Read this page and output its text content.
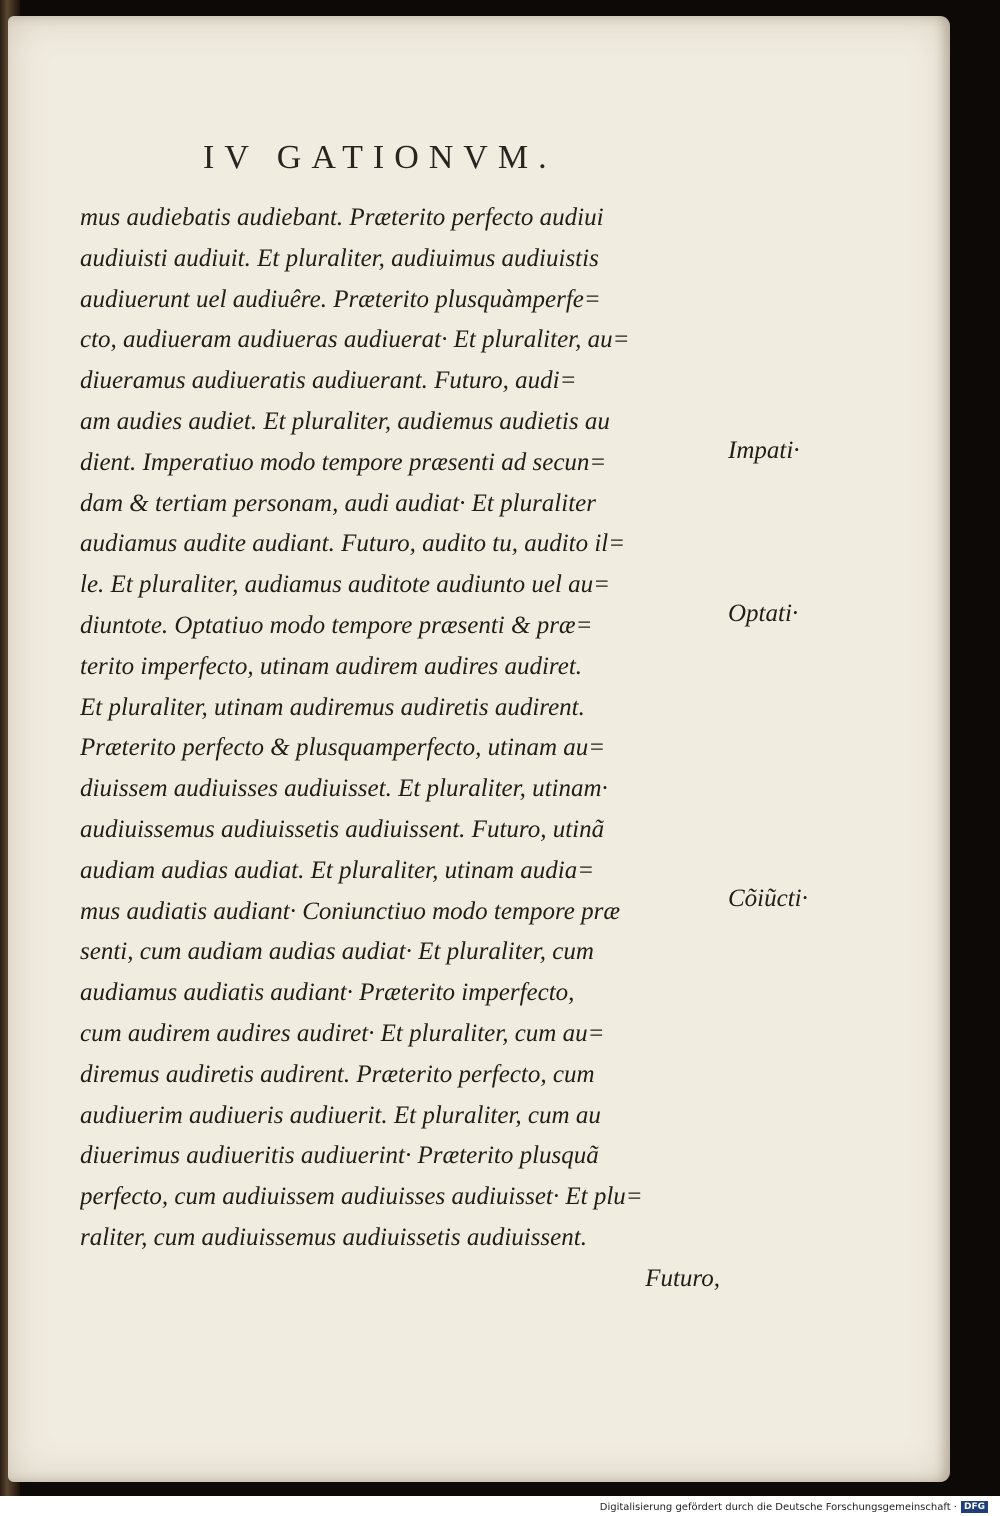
IV GATIONVM.
mus audiebatis audiebant. Præterito perfecto audiui
audiuisti audiuit. Et pluraliter, audiuimus audiuistis
audiuerunt uel audiuêre. Præterito plusquàmperfe=
cto, audiueram audiueras audiuerat· Et pluraliter, au=
diueramus audiueratis audiuerant. Futuro, audi=
am audies audiet. Et pluraliter, audiemus audietis au
dient. Imperatiuo modo tempore præsenti ad secun=
dam & tertiam personam, audi audiat· Et pluraliter
audiamus audite audiant. Futuro, audito tu, audito il=
le. Et pluraliter, audiamus auditote audiunto uel au=
diuntote. Optatiuo modo tempore præsenti & præ=
terito imperfecto, utinam audirem audires audiret.
Et pluraliter, utinam audiremus audiretis audirent.
Præterito perfecto & plusquamperfecto, utinam au=
diuissem audiuisses audiuisset. Et pluraliter, utinam·
audiuissemus audiuissetis audiuissent. Futuro, utinã
audiam audias audiat. Et pluraliter, utinam audia=
mus audiatis audiant· Coniunctiuo modo tempore præ
senti, cum audiam audias audiat· Et pluraliter, cum
audiamus audiatis audiant· Præterito imperfecto,
cum audirem audires audiret· Et pluraliter, cum au=
diremus audiretis audirent. Præterito perfecto, cum
audiuerim audiueris audiuerit. Et pluraliter, cum au
diuerimus audiueritis audiuerint· Præterito plusquã
perfecto, cum audiuissem audiuisses audiuisset· Et plu=
raliter, cum audiuissemus audiuissetis audiuissent.
Futuro,
Impati·
Optati·
Cõiũcti·
Digitalisierung gefördert durch die Deutsche Forschungsgemeinschaft · DFG
